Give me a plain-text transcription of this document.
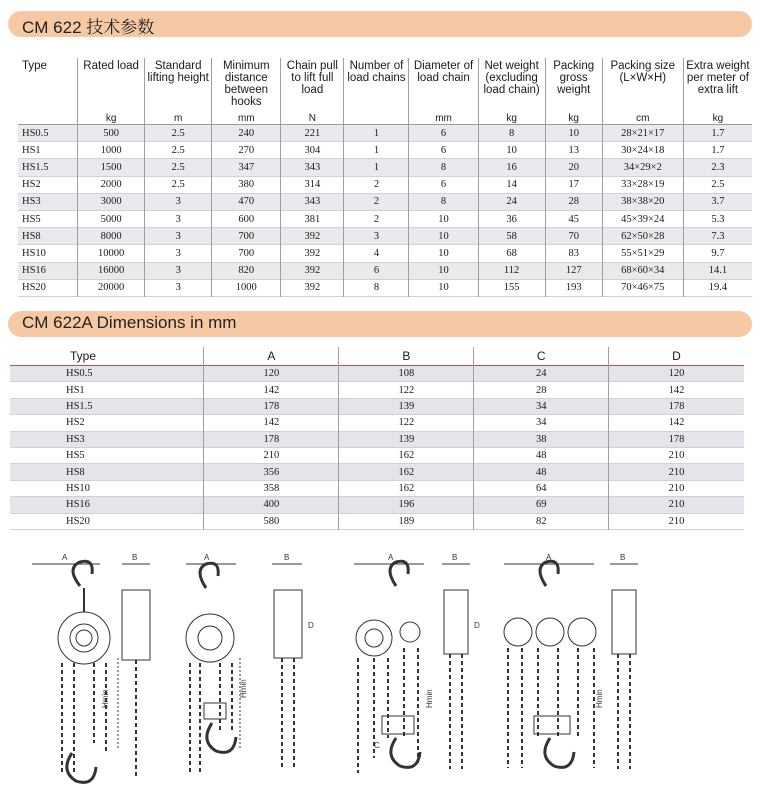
CM 622 技术参数
Type	Rated load	Standard lifting height	Minimum distance between hooks	Chain pull to lift full load	Number of load chains	Diameter of load chain	Net weight (excluding load chain)	Packing gross weight	Packing size (L×W×H)	Extra weight per meter of extra lift
	kg	m	mm	N		mm	kg	kg	cm	kg
HS0.5	500	2.5	240	221	1	6	8	10	28×21×17	1.7
HS1	1000	2.5	270	304	1	6	10	13	30×24×18	1.7
HS1.5	1500	2.5	347	343	1	8	16	20	34×29×2	2.3
HS2	2000	2.5	380	314	2	6	14	17	33×28×19	2.5
HS3	3000	3	470	343	2	8	24	28	38×38×20	3.7
HS5	5000	3	600	381	2	10	36	45	45×39×24	5.3
HS8	8000	3	700	392	3	10	58	70	62×50×28	7.3
HS10	10000	3	700	392	4	10	68	83	55×51×29	9.7
HS16	16000	3	820	392	6	10	112	127	68×60×34	14.1
HS20	20000	3	1000	392	8	10	155	193	70×46×75	19.4
CM 622A Dimensions in mm
Type	A	B	C	D
HS0.5	120	108	24	120
HS1	142	122	28	142
HS1.5	178	139	34	178
HS2	142	122	34	142
HS3	178	139	38	178
HS5	210	162	48	210
HS8	356	162	48	210
HS10	358	162	64	210
HS16	400	196	69	210
HS20	580	189	82	210
A	B
Hmin
A	B
D
Hmin
A	B
D
C
Hmin
A	B
Hmin
